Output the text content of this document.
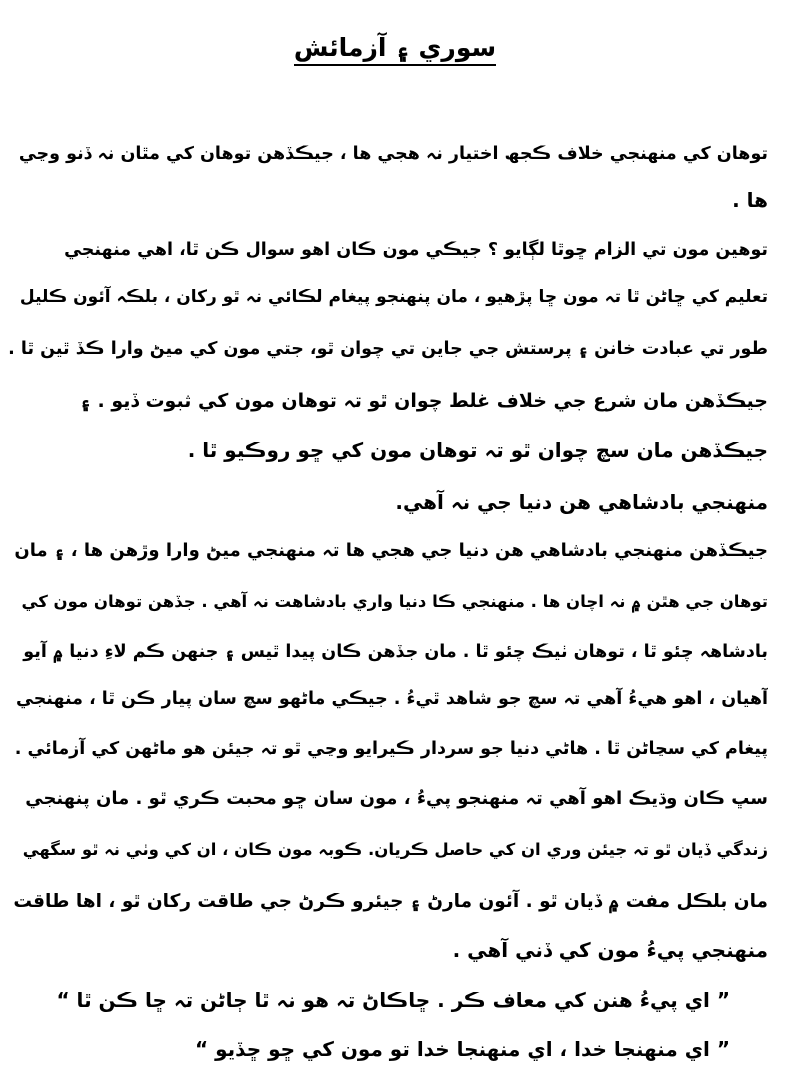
سوري ۽ آزمائش
توهان کي منهنجي خلاف ڪجھ اختيار نہ هجي ها ، جيڪڏهن توهان کي مٿان نہ ڏنو وڃي
ها .
توهين مون تي الزام ڇوٿا لڳايو ؟ جيڪي مون ڪان اهو سوال ڪن ٿا، اهي منهنجي
تعليم کي ڇاڻن ٿا تہ مون ڇا پڙهيو ، مان پنهنجو پيغام لڪائي نہ ٿو رکان ، بلڪہ آئون ڪليل
طور تي عبادت خانن ۽ پرستش جي جاين تي چوان ٿو، جتي مون کي ميڻ وارا ڪڏ ٿين ٿا .
جيڪڏهن مان شرع جي خلاف غلط چوان ٿو تہ توهان مون کي ثبوت ڏيو . ۽
جيڪڏهن مان سچ چوان ٿو تہ توهان مون کي ڇو روڪيو ٿا .
منهنجي بادشاهي هن دنيا جي نہ آهي.
جيڪڏهن منهنجي بادشاهي هن دنيا جي هجي ها تہ منهنجي ميڻ وارا وڙهن ها ، ۽ مان
توهان جي هٿن ۾ نہ اچان ها . منهنجي ڪا دنيا واري بادشاهت نہ آهي . جڏهن توهان مون کي
بادشاهہ چئو ٿا ، توهان ٺيڪ چئو ٿا . مان جڏهن ڪان پيدا ٿيس ۽ جنهن ڪم لاءِ دنيا ۾ آيو
آهيان ، اهو هيءُ آهي تہ سچ جو شاهد ٿيءُ . جيڪي ماڻهو سچ سان پيار ڪن ٿا ، منهنجي
پيغام کي سڃاڻن ٿا . هاڻي دنيا جو سردار ڪيرايو وڃي ٿو تہ جيئن هو ماڻهن کي آزمائي .
سڀ ڪان وڌيڪ اهو آهي تہ منهنجو پيءُ ، مون سان ڇو محبت ڪري ٿو . مان پنهنجي
زندگي ڏيان ٿو تہ جيئن وري ان کي حاصل ڪريان. ڪوبہ مون ڪان ، ان کي وٺي نہ ٿو سگهي
مان بلڪل مفت ۾ ڏيان ٿو . آئون مارڻ ۽ جيئرو ڪرڻ جي طاقت رکان ٿو ، اها طاقت
منهنجي پيءُ مون کي ڏني آهي .
” اي پيءُ هنن کي معاف ڪر . ڇاڪاڻ تہ هو نہ ٿا ڄاڻن تہ ڇا ڪن ٿا “
” اي منهنجا خدا ، اي منهنجا خدا تو مون کي ڇو ڇڏيو “
